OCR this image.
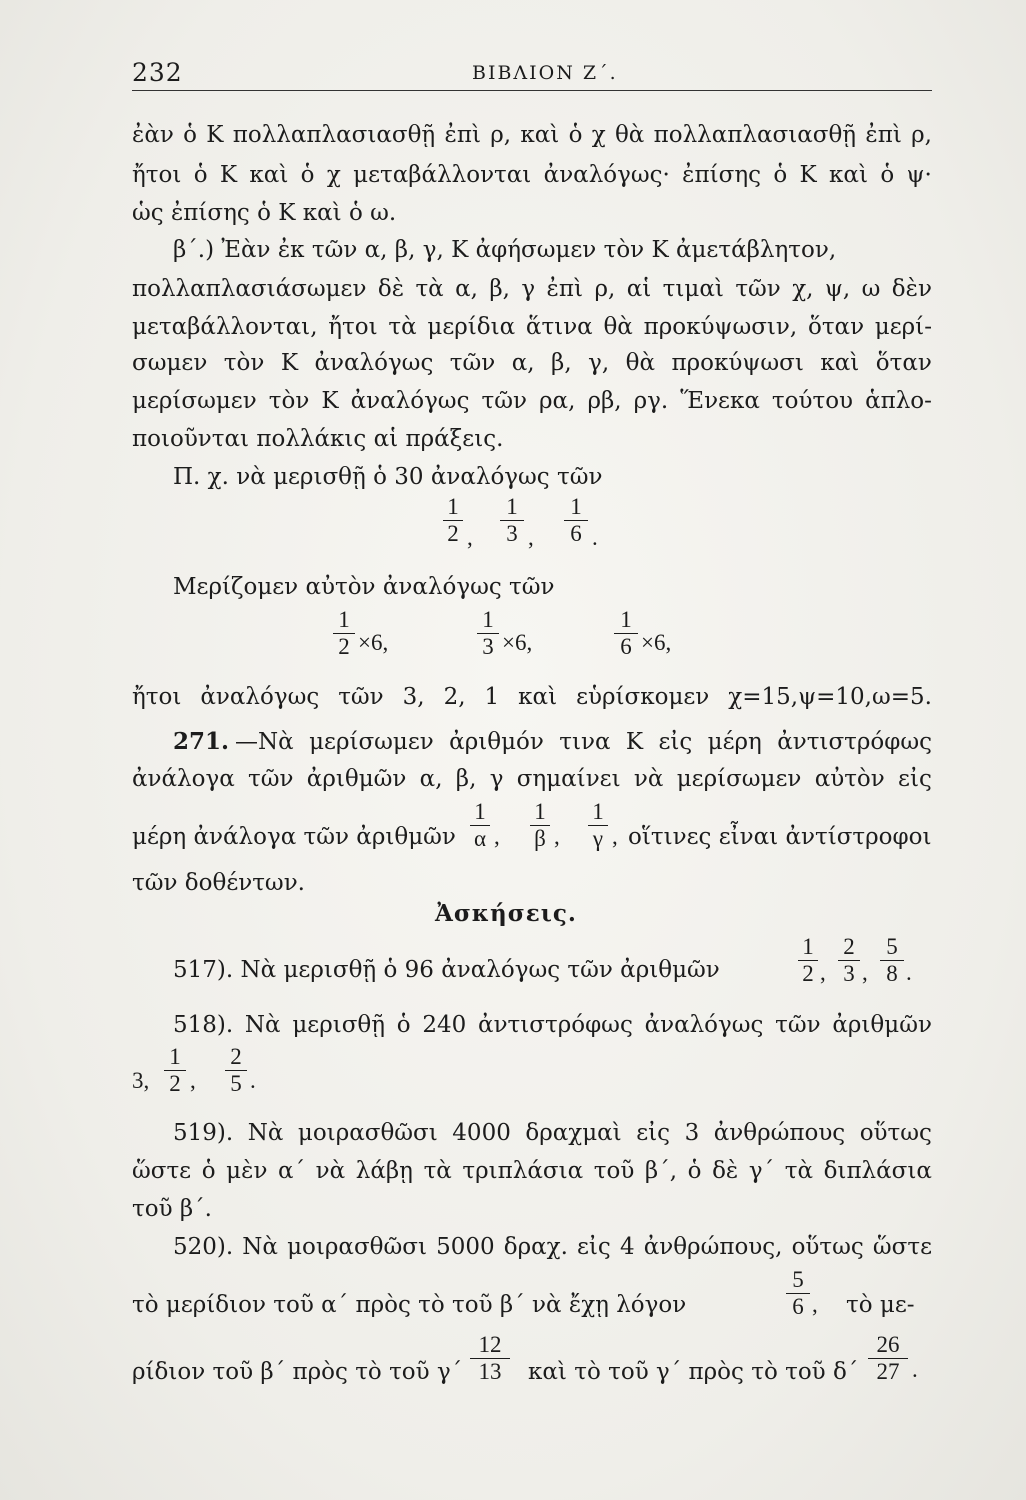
232	ΒΙΒΛΙΟΝ Ζ΄.
ἐὰν ὁ Κ πολλαπλασιασθῇ ἐπὶ ρ, καὶ ὁ χ θὰ πολλαπλασιασθῇ ἐπὶ ρ,
ἤτοι ὁ Κ καὶ ὁ χ μεταβάλλονται ἀναλόγως· ἐπίσης ὁ Κ καὶ ὁ ψ·
ὡς ἐπίσης ὁ Κ καὶ ὁ ω.
β΄.) Ἐὰν ἐκ τῶν α, β, γ, Κ ἀφήσωμεν τὸν Κ ἀμετάβλητον,
πολλαπλασιάσωμεν δὲ τὰ α, β, γ ἐπὶ ρ, αἱ τιμαὶ τῶν χ, ψ, ω δὲν
μεταβάλλονται, ἤτοι τὰ μερίδια ἅτινα θὰ προκύψωσιν, ὅταν μερί-
σωμεν τὸν Κ ἀναλόγως τῶν α, β, γ, θὰ προκύψωσι καὶ ὅταν
μερίσωμεν τὸν Κ ἀναλόγως τῶν ρα, ρβ, ργ. Ἕνεκα τούτου ἁπλο-
ποιοῦνται πολλάκις αἱ πράξεις.
Π. χ. νὰ μερισθῇ ὁ 30 ἀναλόγως τῶν
1
2 ,
1
3 ,
1
6 .
Μερίζομεν αὐτὸν ἀναλόγως τῶν
1
2 ×6,
1
3 ×6,
1
6 ×6,
ἤτοι ἀναλόγως τῶν 3, 2, 1 καὶ εὑρίσκομεν χ=15,ψ=10,ω=5.
271. —Νὰ μερίσωμεν ἀριθμόν τινα Κ εἰς μέρη ἀντιστρόφως
ἀνάλογα τῶν ἀριθμῶν α, β, γ σημαίνει νὰ μερίσωμεν αὐτὸν εἰς
μέρη ἀνάλογα τῶν ἀριθμῶν
1
α ,
1
β ,
1
γ , οἵτινες εἶναι ἀντίστροφοι
τῶν δοθέντων.
Ἀσκήσεις.
517). Νὰ μερισθῇ ὁ 96 ἀναλόγως τῶν ἀριθμῶν
1
2 ,
2
3 ,
5
8 .
518). Νὰ μερισθῇ ὁ 240 ἀντιστρόφως ἀναλόγως τῶν ἀριθμῶν
3,
1
2 ,
2
5 .
519). Νὰ μοιρασθῶσι 4000 δραχμαὶ εἰς 3 ἀνθρώπους οὕτως
ὥστε ὁ μὲν α΄ νὰ λάβῃ τὰ τριπλάσια τοῦ β΄, ὁ δὲ γ΄ τὰ διπλάσια
τοῦ β΄.
520). Νὰ μοιρασθῶσι 5000 δραχ. εἰς 4 ἀνθρώπους, οὕτως ὥστε
τὸ μερίδιον τοῦ α΄ πρὸς τὸ τοῦ β΄ νὰ ἔχῃ λόγον
5
6 , τὸ με-
ρίδιον τοῦ β΄ πρὸς τὸ τοῦ γ΄
12
13	καὶ τὸ τοῦ γ΄ πρὸς τὸ τοῦ δ΄
26
27 .
